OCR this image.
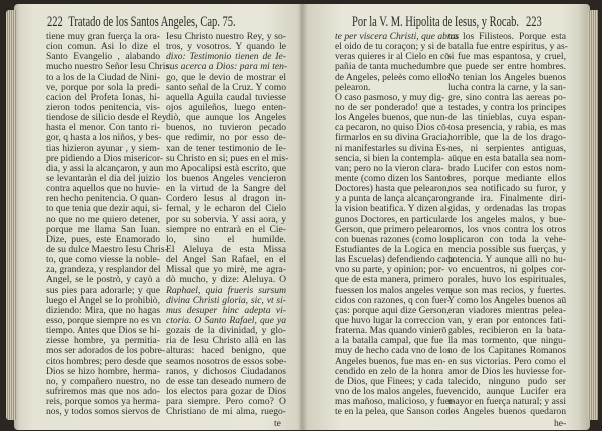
222 Tratado de los Santos Angeles, Cap. 75.
tiene muy gran fuerça la ora-
cion comun. Asi lo dize el
Santo Evangelio , alabando
mucho nuestro Señor Iesu Chris
to a los de la Ciudad de Nini-
ve, porque por sola la predi-
cacion del Profeta Ionas, hi-
zieron todos penitencia, vis-
tiendose de silicio desde el Rey
hasta el menor. Con tanto ri-
gor, q hasta a los niños, y bes-
tias hizieron ayunar , y siem-
pre pidiendo a Dios misericor-
dia, y assi la alcançaron, y aun
se levantaràn el dia del juizio
contra aquellos que no huvie-
ren hecho penitencia. O quan-
to que tenia que dezir aqui, si-
no que no me quiero detener,
porque me llama San Iuan.
Dize, pues, este Enamorado
de su dulce Maestro Iesu Chris-
to, que como viesse la noble-
za, grandeza, y resplandor del
Angel, se le postrò, y cayò a
sus pies para adorarle; y que
luego el Angel se lo prohibiò,
diziendo: Mira, que no hagas
esso, porque siempre no es vn
tiempo. Antes que Dios se hi-
ziesse hombre, ya permitia-
mos ser adorados de los pobre-
citos hombres; pero desde que
Dios se hizo hombre, herma-
no, y compañero nuestro, no
sufriremos mas que nos ado-
reis, porque somos ya herma-
nos, y todos somos siervos de
Iesu Christo nuestro Rey, y so-
tros, y vosotros. Y quando le
dixo: Testimonio tienen de Ie-
sus acerca a Dios: para mi ten-
go, que le devio de mostrar el
santo señal de la Cruz. Y como
aquella Aguila caudal tuviesse
ojos aguileños, luego enten-
diò, que aunque los Angeles
buenos, no tuvieron pecado
que redimir, no por esso de-
xan de tener testimonio de Ie-
su Christo en si; pues en el mis-
mo Apocalipsi està escrito, que
los buenos Angeles vencieron
en la virtud de la Sangre del
Cordero Iesus al dragon in-
fernal, y le echaron del Cielo
por su sobervia. Y assi aora, y
siempre no entrarà en el Cie-
lo, sino el humilde.
El Aleluya de esta Missa
del Angel San Rafael, en el
Missal que yo mirè, me agra-
dò mucho, y dize: Aleluya. O
Raphael, quia frueris sursum
divina Christi gloria, sic, vt si-
mus desuper hinc adepta vi-
ctoria. O Santo Rafael, que ya
gozais de la divinidad, y glo-
ria de Iesu Christo allà en las
alturas: haced benigno, que
seamos nosotros de essos sobe-
ranos, y dichosos Ciudadanos
de esse tan deseado numero de
los electos para gozar de Dios
para siempre. Pero como? O
Christiano de mi alma, ruego-
te
Por la V. M. Hipolita de Iesus, y Rocab. 223
te per viscera Christi, que abras
el oido de tu coraçon; y si de
veras quieres ir al Cielo en cō-
pañia de tanta muchedumbre
de Angeles, peleès como ellos
pelearon.
O caso pasmoso, y muy dig-
no de ser ponderado! que a
los Angeles buenos, que nun-
ca pecaron, no quiso Dios cō-
firmarlos en su divina Gracia,
ni manifestarles su divina Es-
sencia, si bien la contempla-
van; pero no la vieron clara-
mente (como dizen los Santos
Doctores) hasta que pelearon,
y a punta de lança alcançaron
la vision beatifica. Y dizen al-
gunos Doctores, en particular
Gerson, que primero pelearon
con buenas razones (como los
Estudiantes de la Logica en
las Escuelas) defendiendo cada
vno su parte, y opinion; por-
que de esta manera, primero
fuessen los malos angeles ven-
cidos con razones, q con fuer-
ças: porque aqui dize Gerson,
que huvo lugar la correccion
fraterna. Mas quando vinierō
a la batalla campal, que fue
muy de hecho cada vno de los
Angeles buenos, fue mas en-
cendido en zelo de la honra
de Dios, que Finees; y cada
vno de los malos angeles, fue
mas mañoso, malicioso, y fuer-
te en la pelea, que Sanson con-
tra los Filisteos. Porque esta
batalla fue entre espiritus, y as-
si fue mas espantosa, y cruel,
que puede ser entre hombres.
No tenian los Angeles buenos
lucha contra la carne, y la san-
gre, sino contra las aereas po-
testades, y contra los principes
de las tinieblas, cuya espan-
tosa presencia, y rabia, es mas
horrible, que la de los drago-
nes, ni serpientes antiguas,
aūque en esta batalla sea nom-
brado Lucifer con estos nom-
bres, porque mediante ellos
nos sea notificado su furor, y
grande ira. Finalmente diri-
gidas, y ordenadas las tropas
de los angeles malos, y bue-
nos, los vnos contra los otros
aplicaron con toda la vehe-
mencia possible sus fuerças, y
potencia. Y aunque allì no hu-
vo encuentros, ni golpes cor-
porales, huvo los espirituales,
que son mas recios, y fuertes.
Y como los Angeles buenos aū
eran viadores mientras pelea-
van, y eran por entonces fati-
gables, recibieron en la bata-
lla mas tormento, que ningu-
no de los Capitanes Romanos
en sus victorias. Pero como el
amor de Dios les huviesse for-
talecido, ninguno pudo ser
vencido, aunque Lucifer era
mayor en fuerça natural; y assi
los Angeles buenos quedaron
he-
